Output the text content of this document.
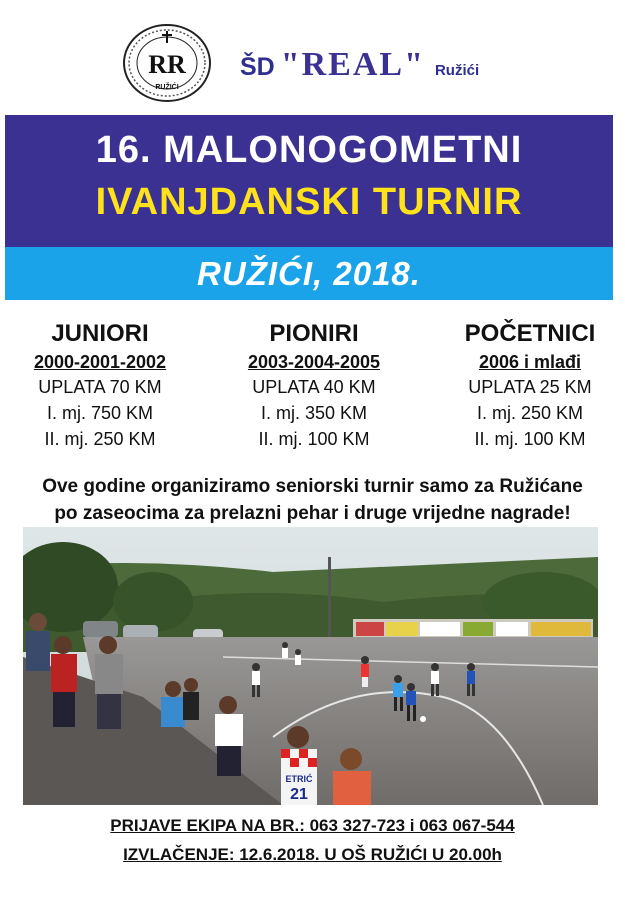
RR
RUŽIĆI
ŠD "REAL" Ružići
16. MALONOGOMETNI
IVANJDANSKI TURNIR
RUŽIĆI, 2018.
JUNIORI
2000-2001-2002
UPLATA 70 KM
I. mj. 750 KM
II. mj. 250 KM
PIONIRI
2003-2004-2005
UPLATA 40 KM
I. mj. 350 KM
II. mj. 100 KM
POČETNICI
2006 i mlađi
UPLATA 25 KM
I. mj. 250 KM
II. mj. 100 KM
Ove godine organiziramo seniorski turnir samo za Ružićane
po zaseocima za prelazni pehar i druge vrijedne nagrade!
ETRIĆ
21
PRIJAVE EKIPA NA BR.: 063 327-723 i 063 067-544
IZVLAČENJE: 12.6.2018. U OŠ RUŽIĆI U 20.00h
